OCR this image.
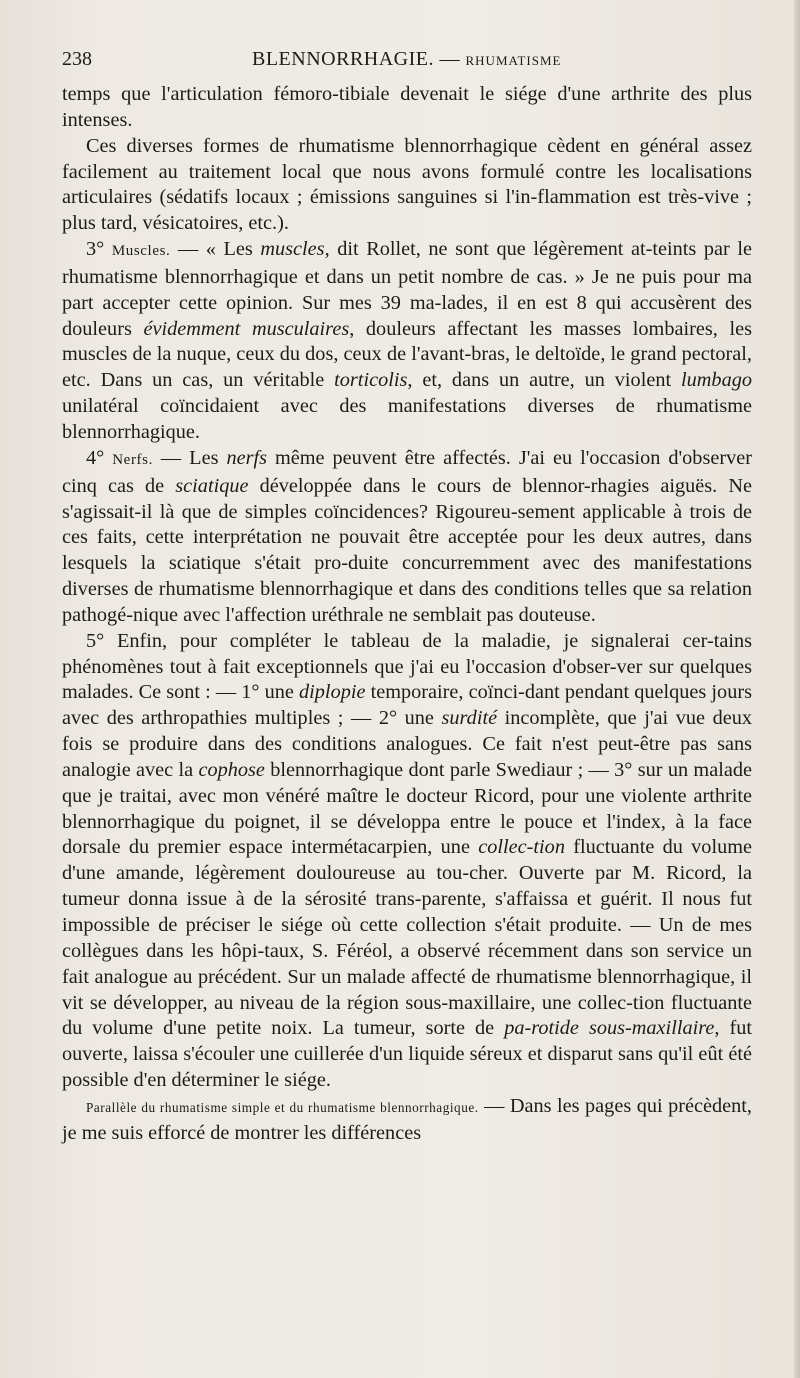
238	BLENNORRHAGIE. — RHUMATISME

temps que l'articulation fémoro-tibiale devenait le siége d'une arthrite des plus intenses.

Ces diverses formes de rhumatisme blennorrhagique cèdent en général assez facilement au traitement local que nous avons formulé contre les localisations articulaires (sédatifs locaux ; émissions sanguines si l'in-flammation est très-vive ; plus tard, vésicatoires, etc.).

3° Muscles. — « Les muscles, dit Rollet, ne sont que légèrement at-teints par le rhumatisme blennorrhagique et dans un petit nombre de cas. » Je ne puis pour ma part accepter cette opinion. Sur mes 39 ma-lades, il en est 8 qui accusèrent des douleurs évidemment musculaires, douleurs affectant les masses lombaires, les muscles de la nuque, ceux du dos, ceux de l'avant-bras, le deltoïde, le grand pectoral, etc. Dans un cas, un véritable torticolis, et, dans un autre, un violent lumbago unilatéral coïncidaient avec des manifestations diverses de rhumatisme blennorrhagique.

4° Nerfs. — Les nerfs même peuvent être affectés. J'ai eu l'occasion d'observer cinq cas de sciatique développée dans le cours de blennor-rhagies aiguës. Ne s'agissait-il là que de simples coïncidences? Rigoureu-sement applicable à trois de ces faits, cette interprétation ne pouvait être acceptée pour les deux autres, dans lesquels la sciatique s'était pro-duite concurremment avec des manifestations diverses de rhumatisme blennorrhagique et dans des conditions telles que sa relation pathogé-nique avec l'affection uréthrale ne semblait pas douteuse.

5° Enfin, pour compléter le tableau de la maladie, je signalerai cer-tains phénomènes tout à fait exceptionnels que j'ai eu l'occasion d'obser-ver sur quelques malades. Ce sont : — 1° une diplopie temporaire, coïnci-dant pendant quelques jours avec des arthropathies multiples ; — 2° une surdité incomplète, que j'ai vue deux fois se produire dans des conditions analogues. Ce fait n'est peut-être pas sans analogie avec la cophose blennorrhagique dont parle Swediaur ; — 3° sur un malade que je traitai, avec mon vénéré maître le docteur Ricord, pour une violente arthrite blennorrhagique du poignet, il se développa entre le pouce et l'index, à la face dorsale du premier espace intermétacarpien, une collec-tion fluctuante du volume d'une amande, légèrement douloureuse au tou-cher. Ouverte par M. Ricord, la tumeur donna issue à de la sérosité trans-parente, s'affaissa et guérit. Il nous fut impossible de préciser le siége où cette collection s'était produite. — Un de mes collègues dans les hôpi-taux, S. Féréol, a observé récemment dans son service un fait analogue au précédent. Sur un malade affecté de rhumatisme blennorrhagique, il vit se développer, au niveau de la région sous-maxillaire, une collec-tion fluctuante du volume d'une petite noix. La tumeur, sorte de pa-rotide sous-maxillaire, fut ouverte, laissa s'écouler une cuillerée d'un liquide séreux et disparut sans qu'il eût été possible d'en déterminer le siége.

Parallèle du rhumatisme simple et du rhumatisme blennorrhagique. — Dans les pages qui précèdent, je me suis efforcé de montrer les différences
